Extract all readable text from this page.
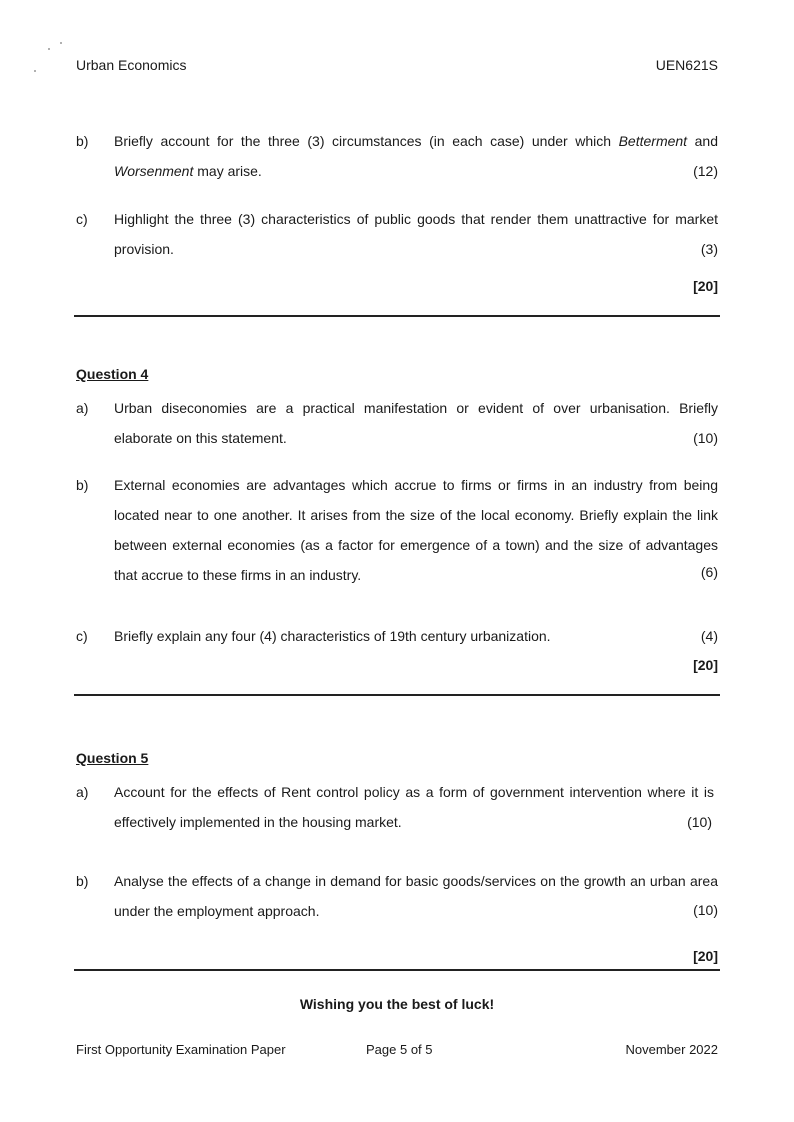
Urban Economics	UEN621S
b) Briefly account for the three (3) circumstances (in each case) under which Betterment and Worsenment may arise.	(12)
c) Highlight the three (3) characteristics of public goods that render them unattractive for market provision.	(3)
[20]
Question 4
a) Urban diseconomies are a practical manifestation or evident of over urbanisation. Briefly elaborate on this statement.	(10)
b) External economies are advantages which accrue to firms or firms in an industry from being located near to one another. It arises from the size of the local economy. Briefly explain the link between external economies (as a factor for emergence of a town) and the size of advantages that accrue to these firms in an industry.	(6)
c) Briefly explain any four (4) characteristics of 19th century urbanization.	(4)
[20]
Question 5
a) Account for the effects of Rent control policy as a form of government intervention where it is effectively implemented in the housing market.	(10)
b) Analyse the effects of a change in demand for basic goods/services on the growth an urban area under the employment approach.	(10)
[20]
Wishing you the best of luck!
First Opportunity Examination Paper	Page 5 of 5	November 2022
